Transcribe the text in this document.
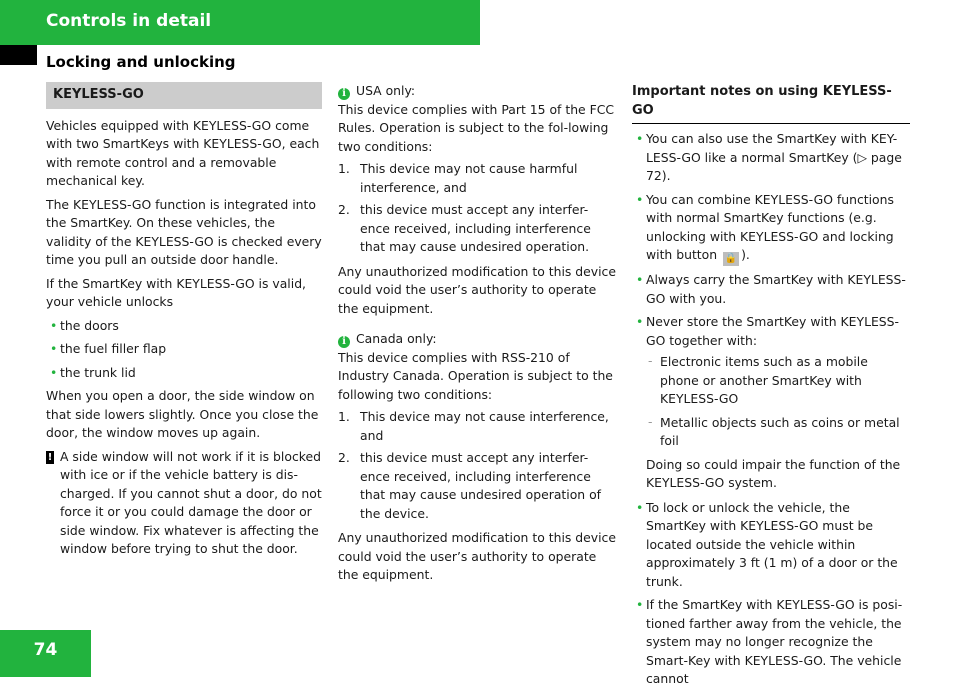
Controls in detail
Locking and unlocking
KEYLESS-GO

Vehicles equipped with KEYLESS-GO come with two SmartKeys with KEYLESS-GO, each with remote control and a removable mechanical key.

The KEYLESS-GO function is integrated into the SmartKey. On these vehicles, the validity of the KEYLESS-GO is checked every time you pull an outside door handle.

If the SmartKey with KEYLESS-GO is valid, your vehicle unlocks

• the doors
• the fuel filler flap
• the trunk lid

When you open a door, the side window on that side lowers slightly. Once you close the door, the window moves up again.

! A side window will not work if it is blocked with ice or if the vehicle battery is dis-charged. If you cannot shut a door, do not force it or you could damage the door or side window. Fix whatever is affecting the window before trying to shut the door.
i USA only:
This device complies with Part 15 of the FCC Rules. Operation is subject to the fol-lowing two conditions:
1. This device may not cause harmful interference, and
2. this device must accept any interfer-ence received, including interference that may cause undesired operation.
Any unauthorized modification to this device could void the user’s authority to operate the equipment.
i Canada only:
This device complies with RSS-210 of Industry Canada. Operation is subject to the following two conditions:
1. This device may not cause interference, and
2. this device must accept any interfer-ence received, including interference that may cause undesired operation of the device.
Any unauthorized modification to this device could void the user’s authority to operate the equipment.
Important notes on using KEYLESS-GO
• You can also use the SmartKey with KEY-LESS-GO like a normal SmartKey (▷ page 72).
• You can combine KEYLESS-GO functions with normal SmartKey functions (e.g. unlocking with KEYLESS-GO and locking with button 🔒 ).
• Always carry the SmartKey with KEYLESS-GO with you.
• Never store the SmartKey with KEYLESS-GO together with:
- Electronic items such as a mobile phone or another SmartKey with KEYLESS-GO
- Metallic objects such as coins or metal foil
Doing so could impair the function of the KEYLESS-GO system.
• To lock or unlock the vehicle, the SmartKey with KEYLESS-GO must be located outside the vehicle within approximately 3 ft (1 m) of a door or the trunk.
• If the SmartKey with KEYLESS-GO is posi-tioned farther away from the vehicle, the system may no longer recognize the Smart-Key with KEYLESS-GO. The vehicle cannot
74
